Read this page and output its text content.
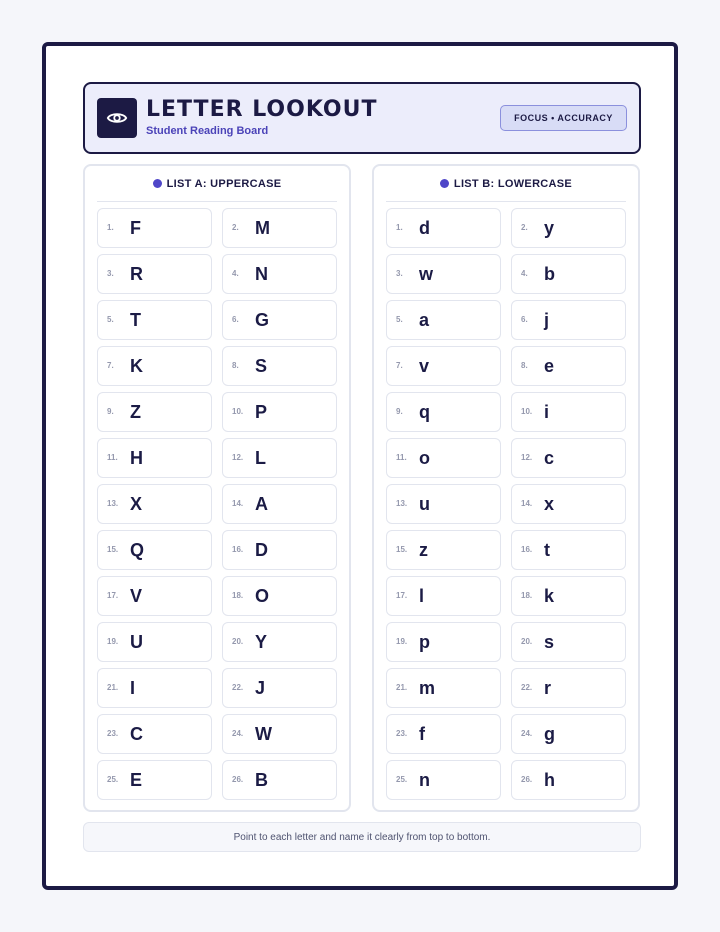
LETTER LOOKOUT
Student Reading Board
FOCUS • ACCURACY
LIST A: UPPERCASE
1. F	2. M
3. R	4. N
5. T	6. G
7. K	8. S
9. Z	10. P
11. H	12. L
13. X	14. A
15. Q	16. D
17. V	18. O
19. U	20. Y
21. I	22. J
23. C	24. W
25. E	26. B
LIST B: LOWERCASE
1. d	2. y
3. w	4. b
5. a	6. j
7. v	8. e
9. q	10. i
11. o	12. c
13. u	14. x
15. z	16. t
17. l	18. k
19. p	20. s
21. m	22. r
23. f	24. g
25. n	26. h
Point to each letter and name it clearly from top to bottom.
